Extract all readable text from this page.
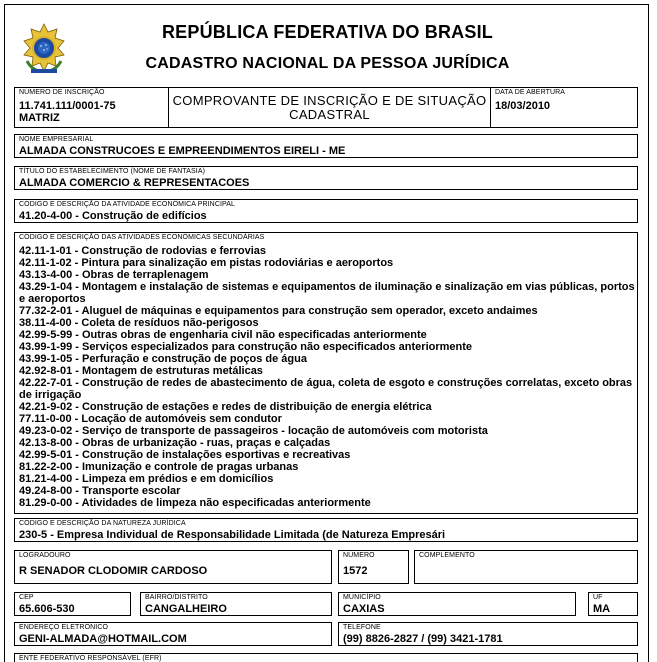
REPÚBLICA FEDERATIVA DO BRASIL
CADASTRO NACIONAL DA PESSOA JURÍDICA
NÚMERO DE INSCRIÇÃO
11.741.111/0001-75
MATRIZ
COMPROVANTE DE INSCRIÇÃO E DE SITUAÇÃO
CADASTRAL
DATA DE ABERTURA
18/03/2010
NOME EMPRESARIAL
ALMADA CONSTRUCOES E EMPREENDIMENTOS EIRELI - ME
TÍTULO DO ESTABELECIMENTO (NOME DE FANTASIA)
ALMADA COMERCIO & REPRESENTACOES
CÓDIGO E DESCRIÇÃO DA ATIVIDADE ECONÔMICA PRINCIPAL
41.20-4-00 - Construção de edifícios
CÓDIGO E DESCRIÇÃO DAS ATIVIDADES ECONÔMICAS SECUNDÁRIAS
42.11-1-01 - Construção de rodovias e ferrovias
42.11-1-02 - Pintura para sinalização em pistas rodoviárias e aeroportos
43.13-4-00 - Obras de terraplenagem
43.29-1-04 - Montagem e instalação de sistemas e equipamentos de iluminação e sinalização em vias públicas, portos e aeroportos
77.32-2-01 - Aluguel de máquinas e equipamentos para construção sem operador, exceto andaimes
38.11-4-00 - Coleta de resíduos não-perigosos
42.99-5-99 - Outras obras de engenharia civil não especificadas anteriormente
43.99-1-99 - Serviços especializados para construção não especificados anteriormente
43.99-1-05 - Perfuração e construção de poços de água
42.92-8-01 - Montagem de estruturas metálicas
42.22-7-01 - Construção de redes de abastecimento de água, coleta de esgoto e construções correlatas, exceto obras de irrigação
42.21-9-02 - Construção de estações e redes de distribuição de energia elétrica
77.11-0-00 - Locação de automóveis sem condutor
49.23-0-02 - Serviço de transporte de passageiros - locação de automóveis com motorista
42.13-8-00 - Obras de urbanização - ruas, praças e calçadas
42.99-5-01 - Construção de instalações esportivas e recreativas
81.22-2-00 - Imunização e controle de pragas urbanas
81.21-4-00 - Limpeza em prédios e em domicílios
49.24-8-00 - Transporte escolar
81.29-0-00 - Atividades de limpeza não especificadas anteriormente
CÓDIGO E DESCRIÇÃO DA NATUREZA JURÍDICA
230-5 - Empresa Individual de Responsabilidade Limitada (de Natureza Empresári
LOGRADOURO
R SENADOR CLODOMIR CARDOSO
NÚMERO
1572
COMPLEMENTO
CEP
65.606-530
BAIRRO/DISTRITO
CANGALHEIRO
MUNICÍPIO
CAXIAS
UF
MA
ENDEREÇO ELETRÔNICO
GENI-ALMADA@HOTMAIL.COM
TELEFONE
(99) 8826-2827 / (99) 3421-1781
ENTE FEDERATIVO RESPONSÁVEL (EFR)
